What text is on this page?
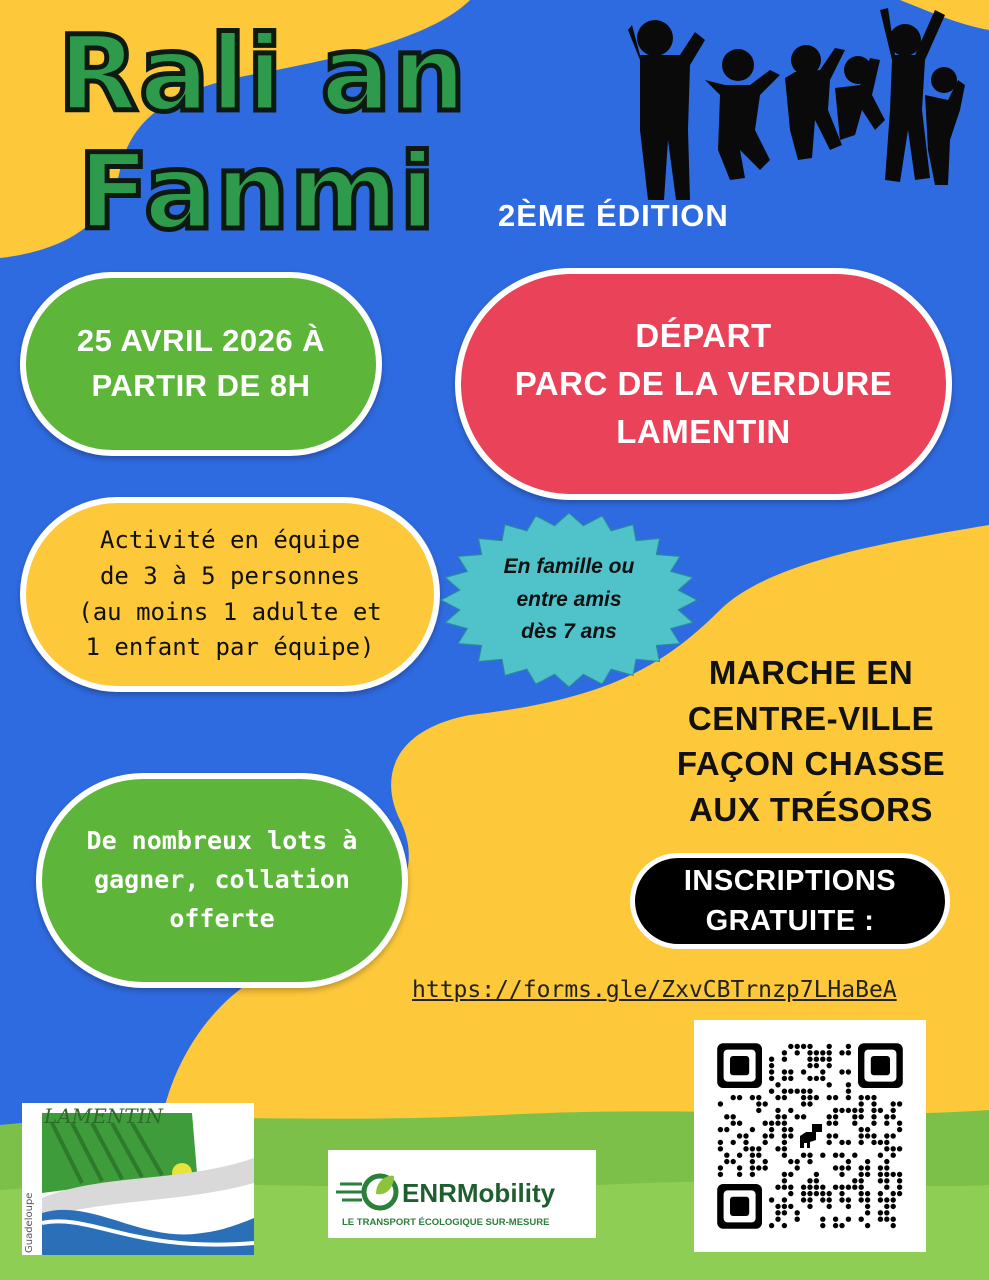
Rali an
Fanmi 2ÈME ÉDITION
25 AVRIL 2026 À
PARTIR DE 8H
DÉPART
PARC DE LA VERDURE
LAMENTIN
Activité en équipe
de 3 à 5 personnes
(au moins 1 adulte et
1 enfant par équipe)
En famille ou
entre amis
dès 7 ans
MARCHE EN
CENTRE-VILLE
FAÇON CHASSE
AUX TRÉSORS
De nombreux lots à
gagner, collation
offerte
INSCRIPTIONS
GRATUITE :
https://forms.gle/ZxvCBTrnzp7LHaBeA
LAMENTIN
Guadeloupe	ENRMobility
LE TRANSPORT ÉCOLOGIQUE SUR-MESURE
